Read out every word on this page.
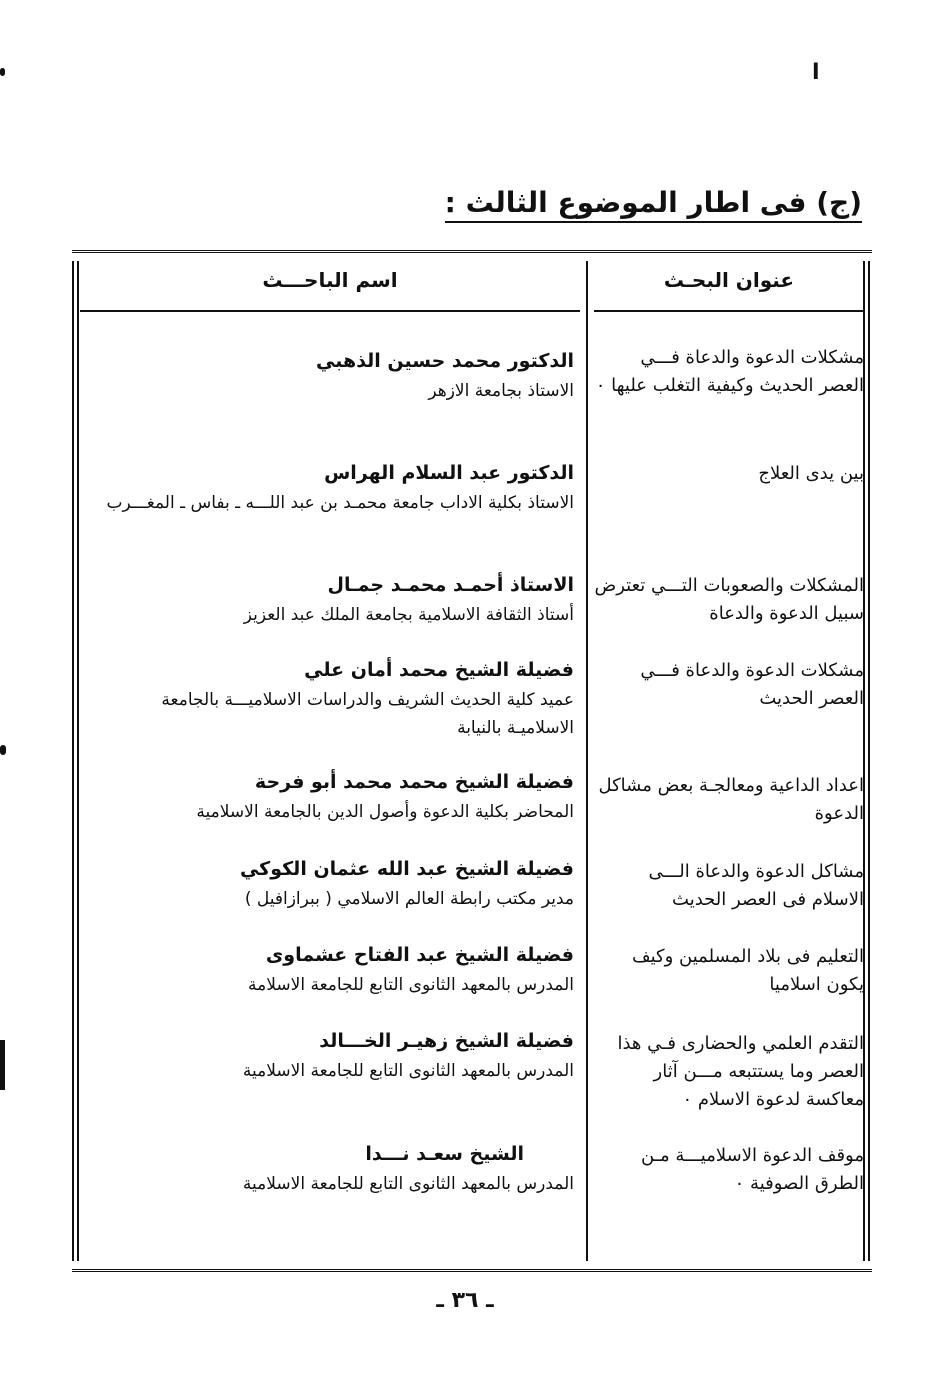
ا
(ج) فى اطار الموضوع الثالث :
اسم الباحـــث	عنوان البحـث
مشكلات الدعوة والدعاة فـــي العصر الحديث وكيفية التغلب عليها ٠
الدكتور محمد حسين الذهبي
الاستاذ بجامعة الازهر
بين يدى العلاج
الدكتور عبد السلام الهراس
الاستاذ بكلية الاداب جامعة محمـد بن عبد اللـــه ـ بفاس ـ المغـــرب
المشكلات والصعوبات التـــي تعترض سبيل الدعوة والدعاة
الاستاذ أحمـد محمـد جمـال
أستاذ الثقافة الاسلامية بجامعة الملك عبد العزيز
مشكلات الدعوة والدعاة فـــي العصر الحديث
فضيلة الشيخ محمد أمان علي
عميد كلية الحديث الشريف والدراسات الاسلاميـــة بالجامعة الاسلاميـة بالنيابة
اعداد الداعية ومعالجـة بعض مشاكل الدعوة
فضيلة الشيخ محمد محمد أبو فرحة
المحاضر بكلية الدعوة وأصول الدين بالجامعة الاسلامية
مشاكل الدعوة والدعاة الـــى الاسلام فى العصر الحديث
فضيلة الشيخ عبد الله عثمان الكوكي
مدير مكتب رابطة العالم الاسلامي ( ببرازافيل )
التعليم فى بلاد المسلمين وكيف يكون اسلاميا
فضيلة الشيخ عبد الفتاح عشماوى
المدرس بالمعهد الثانوى التابع للجامعة الاسلامة
التقدم العلمي والحضارى فـي هذا العصر وما يستتبعه مـــن آثار معاكسة لدعوة الاسلام ٠
فضيلة الشيخ زهيـر الخـــالد
المدرس بالمعهد الثانوى التابع للجامعة الاسلامية
موقف الدعوة الاسلاميـــة مـن الطرق الصوفية ٠
الشيخ سعـد نـــدا
المدرس بالمعهد الثانوى التابع للجامعة الاسلامية
ـ ٣٦ ـ
